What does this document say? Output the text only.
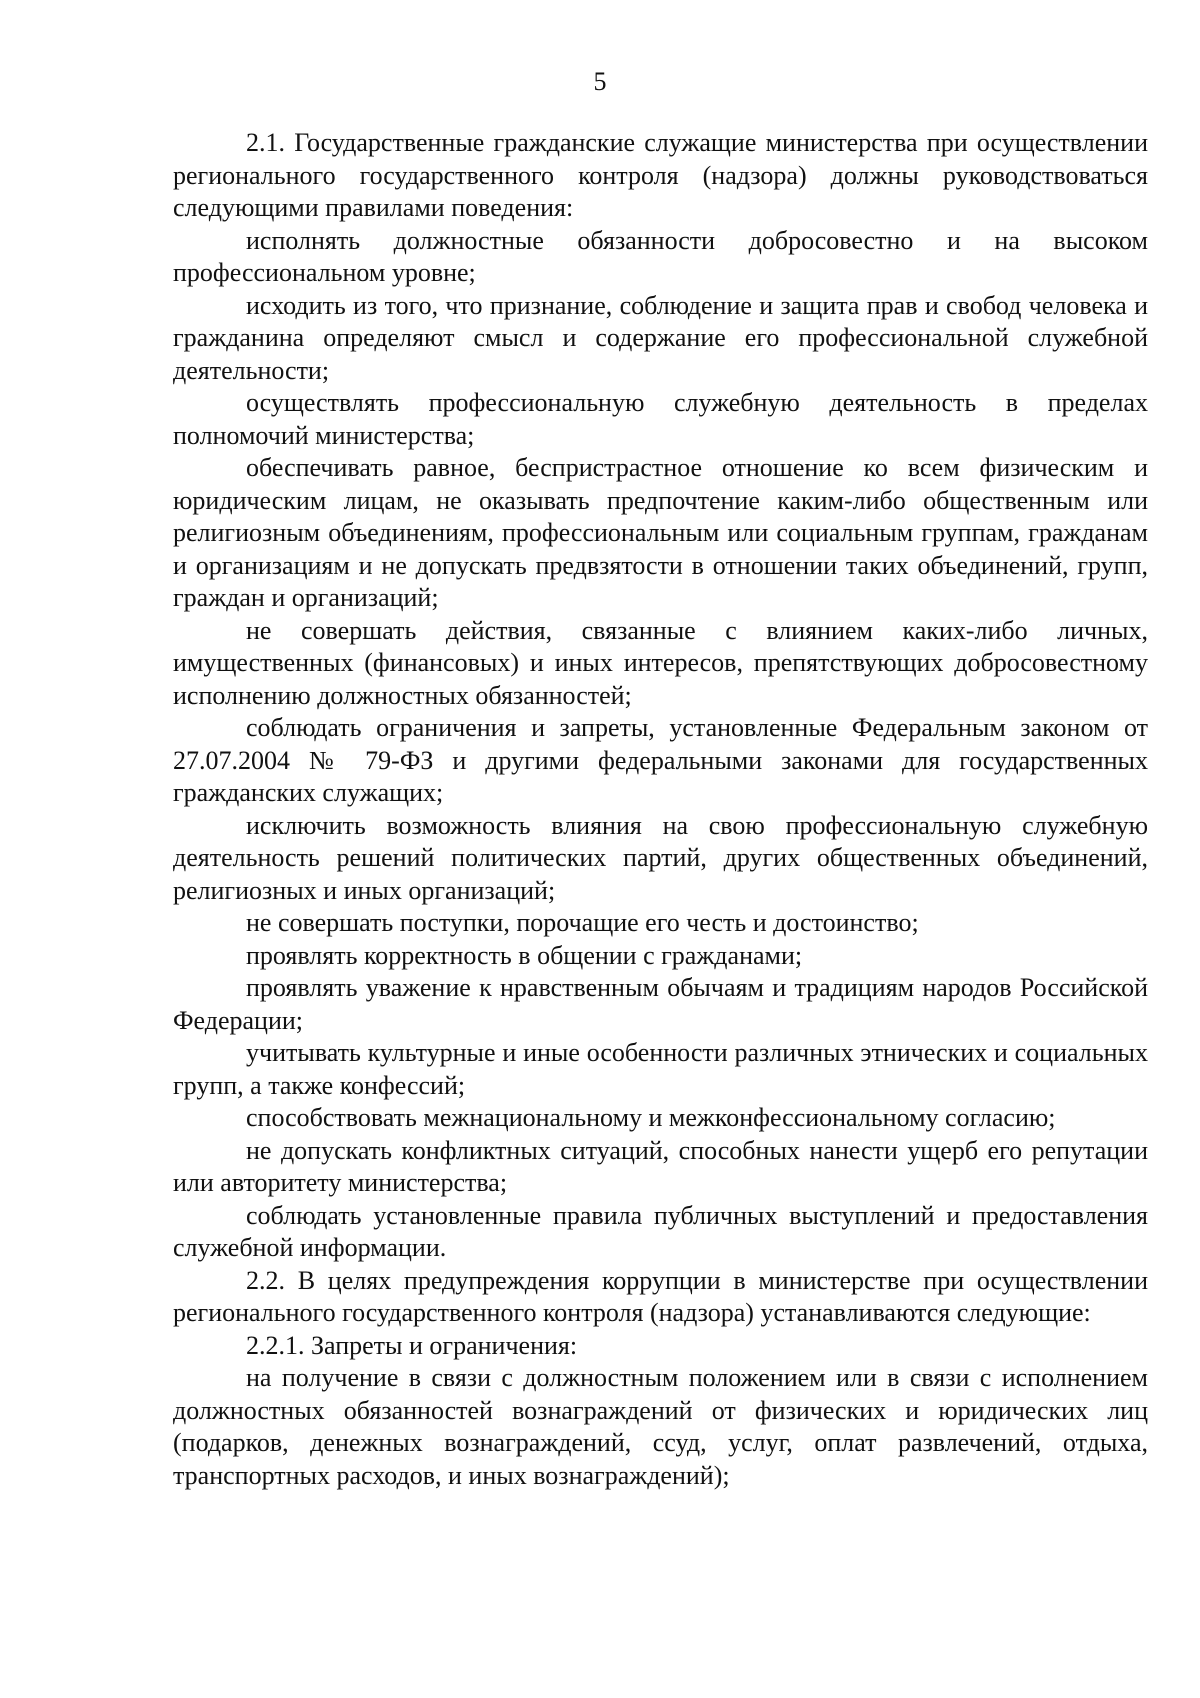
5

2.1. Государственные гражданские служащие министерства при осуществлении регионального государственного контроля (надзора) должны руководствоваться следующими правилами поведения:

исполнять должностные обязанности добросовестно и на высоком профессиональном уровне;

исходить из того, что признание, соблюдение и защита прав и свобод человека и гражданина определяют смысл и содержание его профессиональной служебной деятельности;

осуществлять профессиональную служебную деятельность в пределах полномочий министерства;

обеспечивать равное, беспристрастное отношение ко всем физическим и юридическим лицам, не оказывать предпочтение каким-либо общественным или религиозным объединениям, профессиональным или социальным группам, гражданам и организациям и не допускать предвзятости в отношении таких объединений, групп, граждан и организаций;

не совершать действия, связанные с влиянием каких-либо личных, имущественных (финансовых) и иных интересов, препятствующих добросовестному исполнению должностных обязанностей;

соблюдать ограничения и запреты, установленные Федеральным законом от 27.07.2004 № 79-ФЗ и другими федеральными законами для государственных гражданских служащих;

исключить возможность влияния на свою профессиональную служебную деятельность решений политических партий, других общественных объединений, религиозных и иных организаций;

не совершать поступки, порочащие его честь и достоинство;

проявлять корректность в общении с гражданами;

проявлять уважение к нравственным обычаям и традициям народов Российской Федерации;

учитывать культурные и иные особенности различных этнических и социальных групп, а также конфессий;

способствовать межнациональному и межконфессиональному согласию;

не допускать конфликтных ситуаций, способных нанести ущерб его репутации или авторитету министерства;

соблюдать установленные правила публичных выступлений и предоставления служебной информации.

2.2. В целях предупреждения коррупции в министерстве при осуществлении регионального государственного контроля (надзора) устанавливаются следующие:

2.2.1. Запреты и ограничения:

на получение в связи с должностным положением или в связи с исполнением должностных обязанностей вознаграждений от физических и юридических лиц (подарков, денежных вознаграждений, ссуд, услуг, оплат развлечений, отдыха, транспортных расходов, и иных вознаграждений);
